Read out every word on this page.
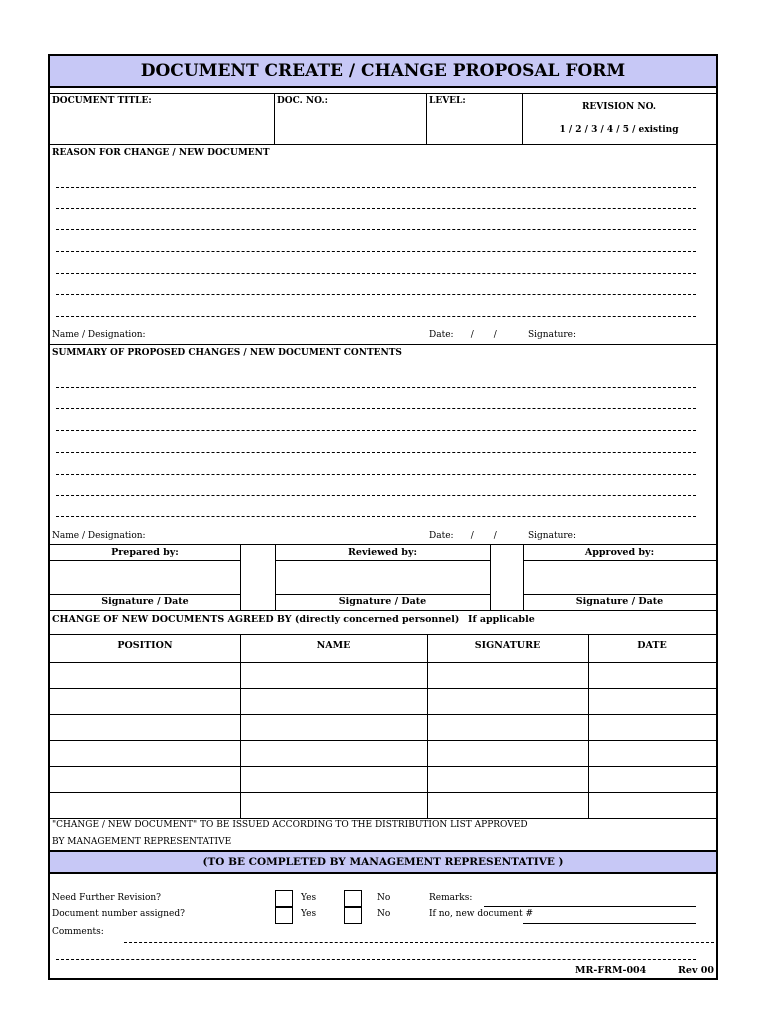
DOCUMENT CREATE / CHANGE PROPOSAL FORM
DOCUMENT TITLE:	DOC. NO.:	LEVEL:
REVISION NO.
1 / 2 / 3 / 4 / 5 / existing
REASON FOR CHANGE / NEW DOCUMENT
Name / Designation:	Date:      /       /	Signature:
SUMMARY OF PROPOSED CHANGES / NEW DOCUMENT CONTENTS
Name / Designation:	Date:      /       /	Signature:
Prepared by:	Reviewed by:	Approved by:
Signature / Date	Signature / Date	Signature / Date
CHANGE OF NEW DOCUMENTS AGREED BY (directly concerned personnel) If applicable
POSITION	NAME	SIGNATURE	DATE
"CHANGE / NEW DOCUMENT" TO BE ISSUED ACCORDING TO THE DISTRIBUTION LIST APPROVED
BY MANAGEMENT REPRESENTATIVE
(TO BE COMPLETED BY MANAGEMENT REPRESENTATIVE )
Need Further Revision?	Yes	No	Remarks:
Document number assigned?	Yes	No	If no, new document #
Comments:
MR-FRM-004	Rev 00
